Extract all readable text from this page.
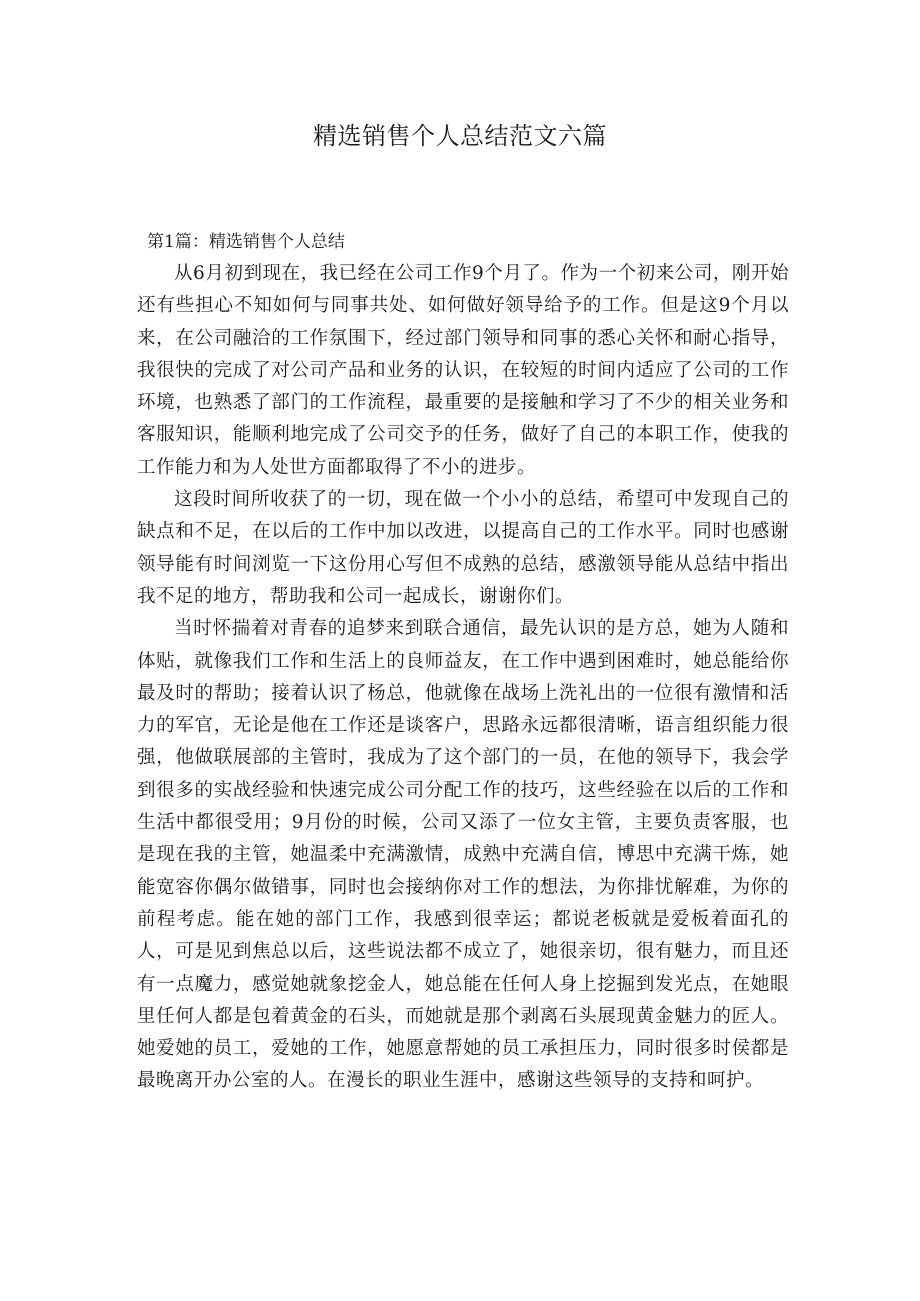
精选销售个人总结范文六篇
第1篇：精选销售个人总结

从6月初到现在，我已经在公司工作9个月了。作为一个初来公司，刚开始还有些担心不知如何与同事共处、如何做好领导给予的工作。但是这9个月以来，在公司融洽的工作氛围下，经过部门领导和同事的悉心关怀和耐心指导，我很快的完成了对公司产品和业务的认识，在较短的时间内适应了公司的工作环境，也熟悉了部门的工作流程，最重要的是接触和学习了不少的相关业务和客服知识，能顺利地完成了公司交予的任务，做好了自己的本职工作，使我的工作能力和为人处世方面都取得了不小的进步。

这段时间所收获了的一切，现在做一个小小的总结，希望可中发现自己的缺点和不足，在以后的工作中加以改进，以提高自己的工作水平。同时也感谢领导能有时间浏览一下这份用心写但不成熟的总结，感激领导能从总结中指出我不足的地方，帮助我和公司一起成长，谢谢你们。

当时怀揣着对青春的追梦来到联合通信，最先认识的是方总，她为人随和体贴，就像我们工作和生活上的良师益友，在工作中遇到困难时，她总能给你最及时的帮助；接着认识了杨总，他就像在战场上洗礼出的一位很有激情和活力的军官，无论是他在工作还是谈客户，思路永远都很清晰，语言组织能力很强，他做联展部的主管时，我成为了这个部门的一员，在他的领导下，我会学到很多的实战经验和快速完成公司分配工作的技巧，这些经验在以后的工作和生活中都很受用；9月份的时候，公司又添了一位女主管，主要负责客服，也是现在我的主管，她温柔中充满激情，成熟中充满自信，博思中充满干炼，她能宽容你偶尔做错事，同时也会接纳你对工作的想法，为你排忧解难，为你的前程考虑。能在她的部门工作，我感到很幸运；都说老板就是爱板着面孔的人，可是见到焦总以后，这些说法都不成立了，她很亲切，很有魅力，而且还有一点魔力，感觉她就象挖金人，她总能在任何人身上挖掘到发光点，在她眼里任何人都是包着黄金的石头，而她就是那个剥离石头展现黄金魅力的匠人。她爱她的员工，爱她的工作，她愿意帮她的员工承担压力，同时很多时侯都是最晚离开办公室的人。在漫长的职业生涯中，感谢这些领导的支持和呵护。
